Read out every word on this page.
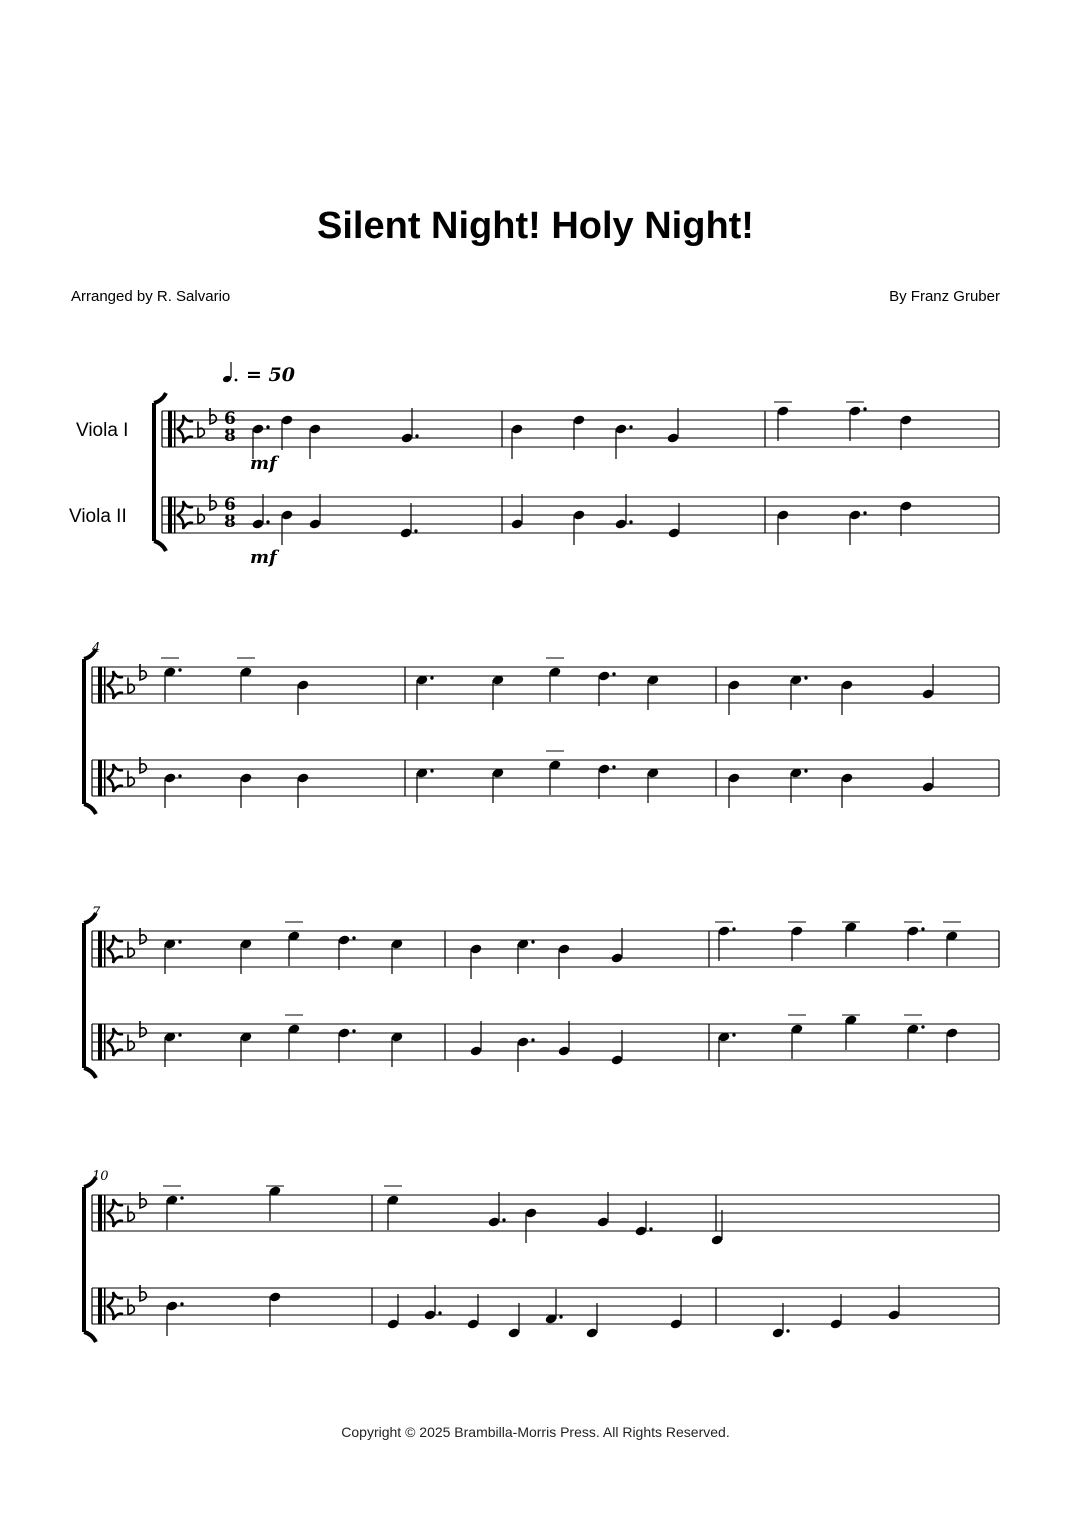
Silent Night! Holy Night!
Arranged by R. Salvario	By Franz Gruber
= 50
Viola I
Viola II
mf
mf
4
7
10
6
8
6
8
Copyright © 2025 Brambilla-Morris Press. All Rights Reserved.
